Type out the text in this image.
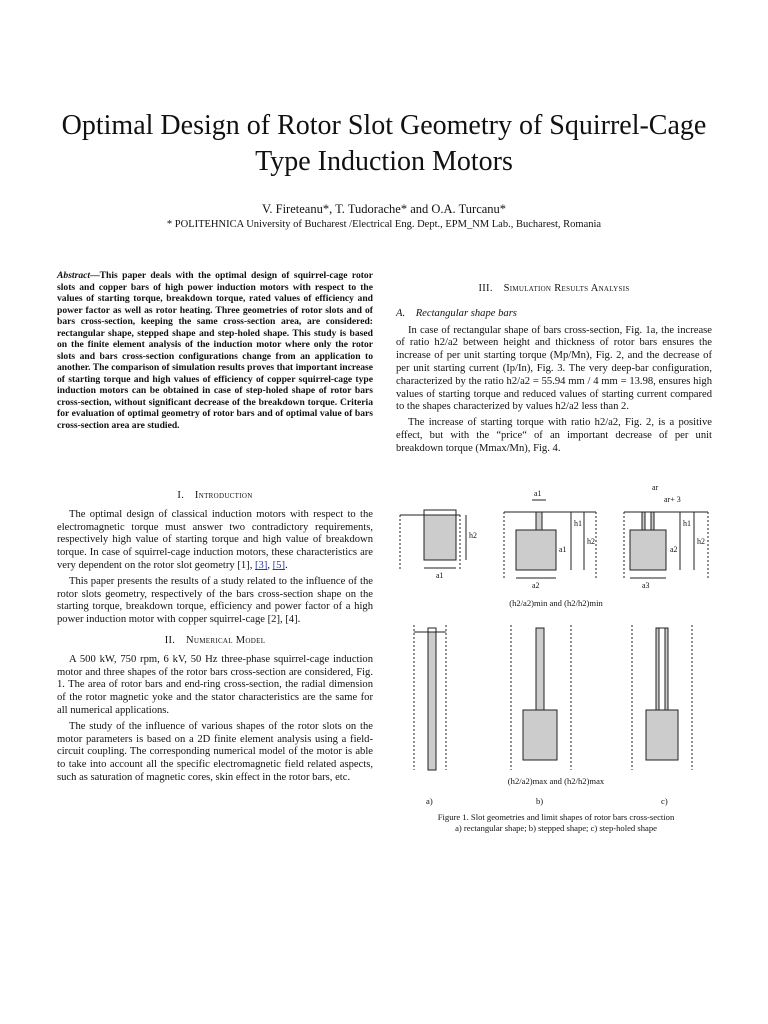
Optimal Design of Rotor Slot Geometry of Squirrel-Cage Type Induction Motors
V. Fireteanu*, T. Tudorache* and O.A. Turcanu*
* POLITEHNICA University of Bucharest /Electrical Eng. Dept., EPM_NM Lab., Bucharest, Romania
Abstract—This paper deals with the optimal design of squirrel-cage rotor slots and copper bars of high power induction motors with respect to the values of starting torque, breakdown torque, rated values of efficiency and power factor as well as rotor heating. Three geometries of rotor slots and of bars cross-section, keeping the same cross-section area, are considered: rectangular shape, stepped shape and step-holed shape. This study is based on the finite element analysis of the induction motor where only the rotor slots and bars cross-section configurations change from an application to another. The comparison of simulation results proves that important increase of starting torque and high values of efficiency of copper squirrel-cage type induction motors can be obtained in case of step-holed shape of rotor bars cross-section, without significant decrease of the breakdown torque. Criteria for evaluation of optimal geometry of rotor bars and of optimal value of bars cross-section area are studied.

I. Introduction

The optimal design of classical induction motors with respect to the electromagnetic torque must answer two contradictory requirements, respectively high value of starting torque and high value of breakdown torque. In case of squirrel-cage induction motors, these characteristics are very dependent on the rotor slot geometry [1], [3], [5].

This paper presents the results of a study related to the influence of the rotor slots geometry, respectively of the bars cross-section shape on the starting torque, breakdown torque, efficiency and power factor of a high power induction motor with copper squirrel-cage [2], [4].

II. Numerical Model

A 500 kW, 750 rpm, 6 kV, 50 Hz three-phase squirrel-cage induction motor and three shapes of the rotor bars cross-section are considered, Fig. 1. The area of rotor bars and end-ring cross-section, the radial dimension of the rotor magnetic yoke and the stator characteristics are the same for all numerical applications.

The study of the influence of various shapes of the rotor slots on the motor parameters is based on a 2D finite element analysis using a field-circuit coupling. The corresponding numerical model of the motor is able to take into account all the specific electromagnetic field related aspects, such as saturation of magnetic cores, skin effect in the rotor bars, etc.

III. Simulation Results Analysis

A. Rectangular shape bars

In case of rectangular shape of bars cross-section, Fig. 1a, the increase of ratio h2/a2 between height and thickness of rotor bars ensures the increase of per unit starting torque (Mp/Mn), Fig. 2, and the decrease of per unit starting current (Ip/In), Fig. 3. The very deep-bar configuration, characterized by the ratio h2/a2 = 55.94 mm / 4 mm = 13.98, ensures high values of starting torque and reduced values of starting current compared to the shapes characterized by values h2/a2 less than 2.

The increase of starting torque with ratio h2/a2, Fig. 2, is a positive effect, but with the “price“ of an important decrease of per unit breakdown torque (Mmax/Mn), Fig. 4.

h2
a1
a1
h1
a1
h2
a2
ar
ar+ 3
h1
a2
h2
a3
(h2/a2)min and (h2/h2)min
(h2/a2)max and (h2/h2)max
a)	b)	c)
Figure 1. Slot geometries and limit shapes of rotor bars cross-section
a) rectangular shape; b) stepped shape; c) step-holed shape
